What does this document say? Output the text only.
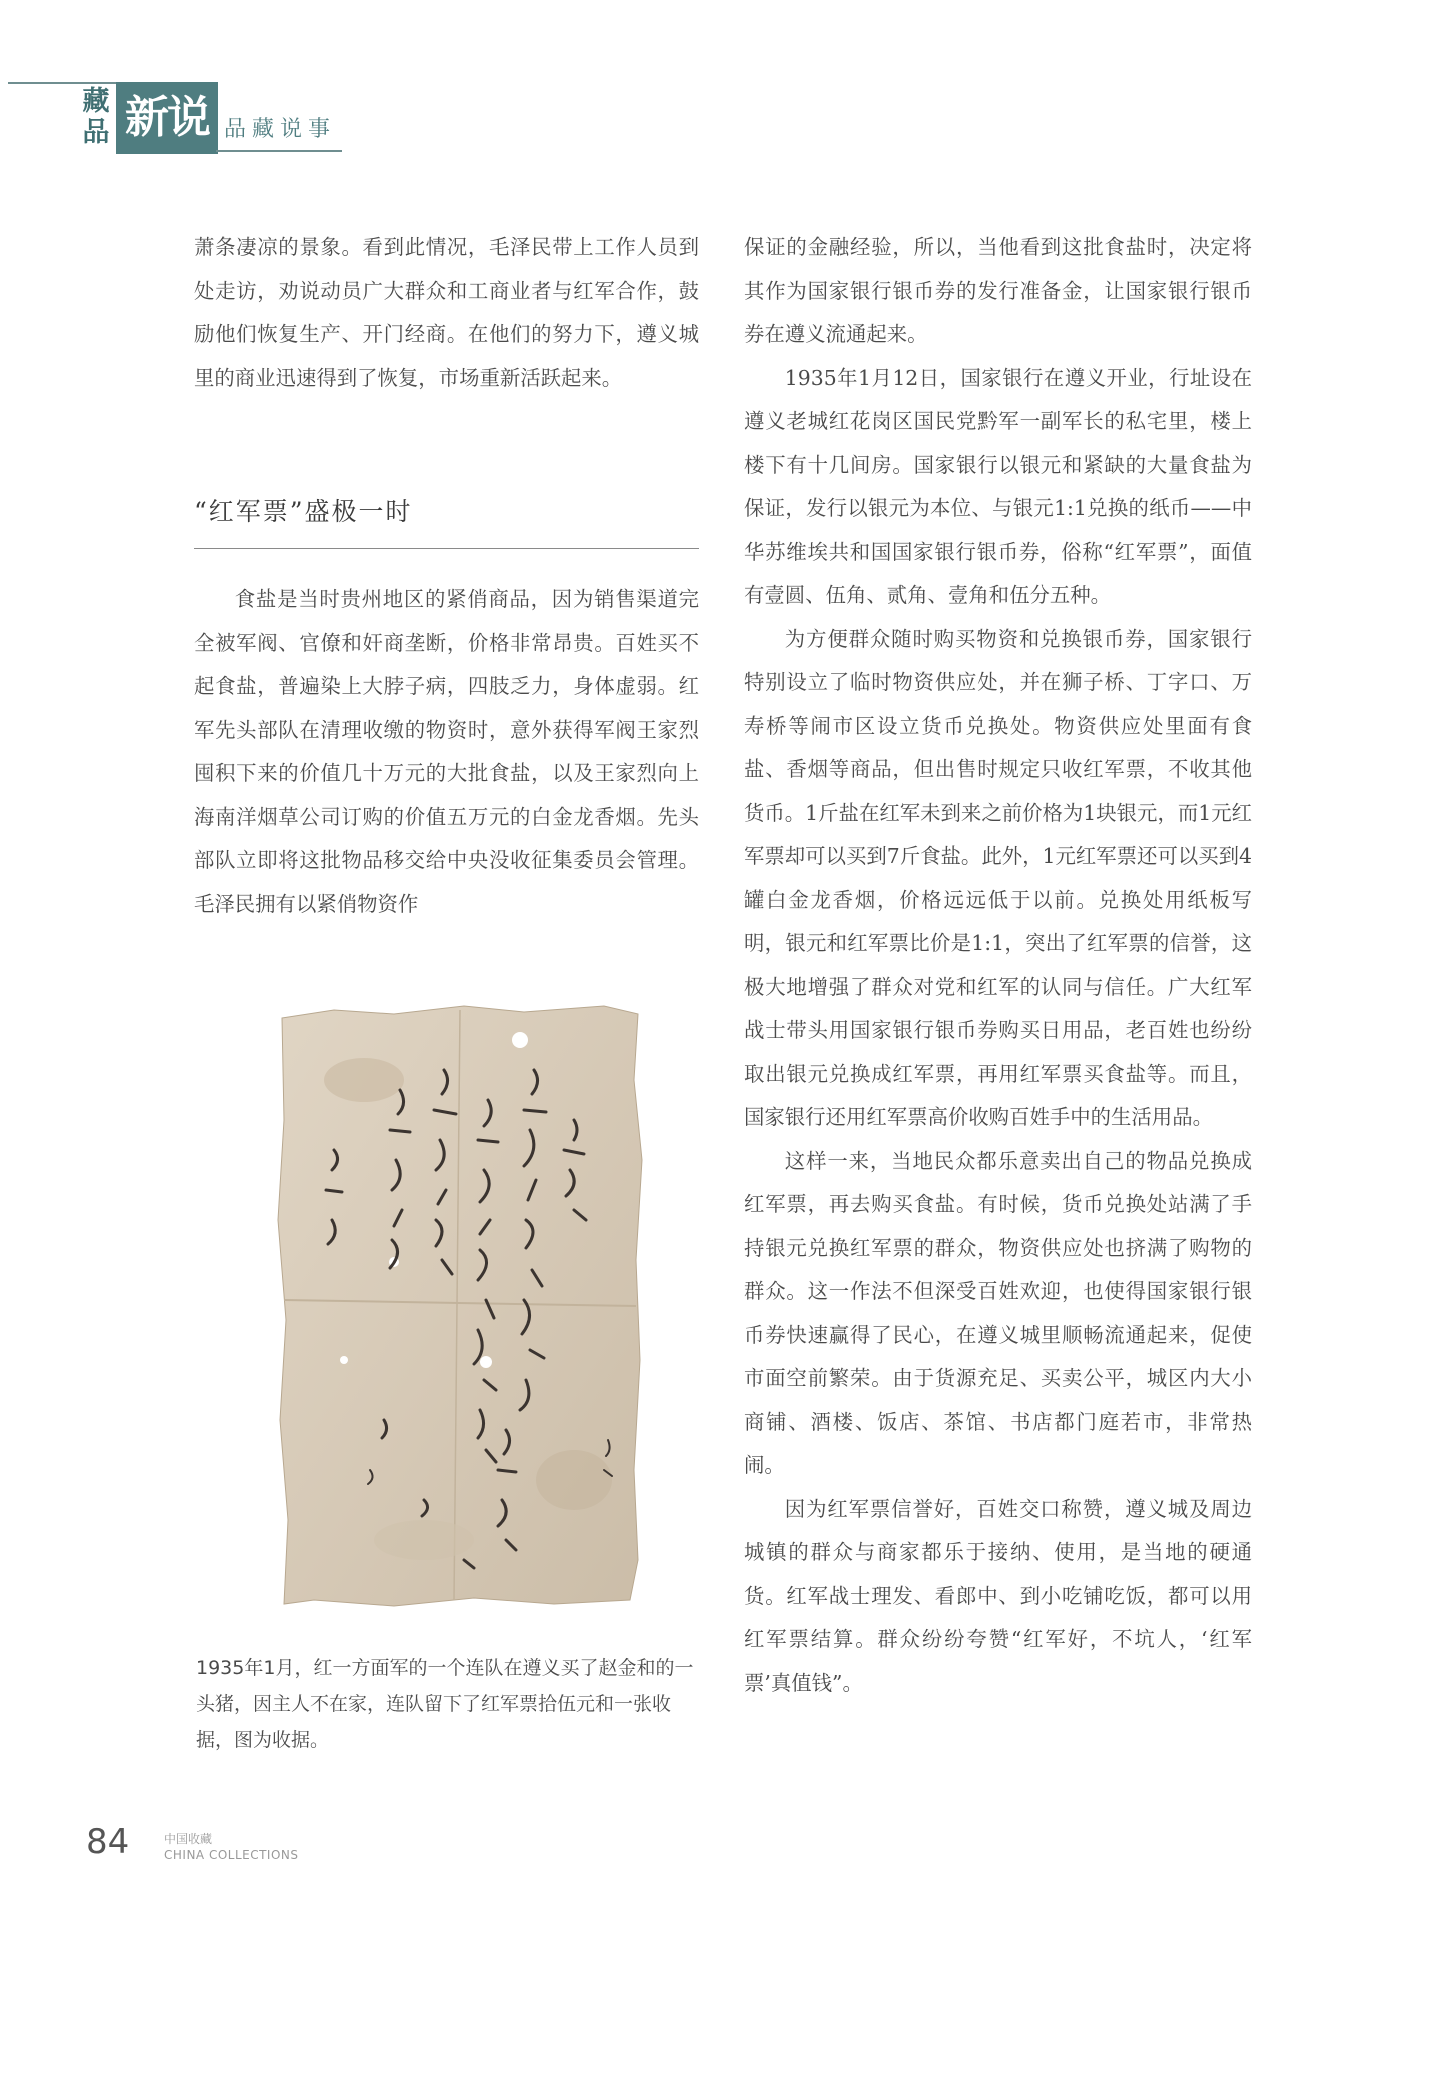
藏品 新说 品藏说事

萧条凄凉的景象。看到此情况，毛泽民带上工作人员到处走访，劝说动员广大群众和工商业者与红军合作，鼓励他们恢复生产、开门经商。在他们的努力下，遵义城里的商业迅速得到了恢复，市场重新活跃起来。

“红军票”盛极一时

食盐是当时贵州地区的紧俏商品，因为销售渠道完全被军阀、官僚和奸商垄断，价格非常昂贵。百姓买不起食盐，普遍染上大脖子病，四肢乏力，身体虚弱。红军先头部队在清理收缴的物资时，意外获得军阀王家烈囤积下来的价值几十万元的大批食盐，以及王家烈向上海南洋烟草公司订购的价值五万元的白金龙香烟。先头部队立即将这批物品移交给中央没收征集委员会管理。毛泽民拥有以紧俏物资作

1935年1月，红一方面军的一个连队在遵义买了赵金和的一头猪，因主人不在家，连队留下了红军票拾伍元和一张收据，图为收据。

保证的金融经验，所以，当他看到这批食盐时，决定将其作为国家银行银币券的发行准备金，让国家银行银币券在遵义流通起来。

1935年1月12日，国家银行在遵义开业，行址设在遵义老城红花岗区国民党黔军一副军长的私宅里，楼上楼下有十几间房。国家银行以银元和紧缺的大量食盐为保证，发行以银元为本位、与银元1:1兑换的纸币——中华苏维埃共和国国家银行银币券，俗称“红军票”，面值有壹圆、伍角、贰角、壹角和伍分五种。

为方便群众随时购买物资和兑换银币券，国家银行特别设立了临时物资供应处，并在狮子桥、丁字口、万寿桥等闹市区设立货币兑换处。物资供应处里面有食盐、香烟等商品，但出售时规定只收红军票，不收其他货币。1斤盐在红军未到来之前价格为1块银元，而1元红军票却可以买到7斤食盐。此外，1元红军票还可以买到4罐白金龙香烟，价格远远低于以前。兑换处用纸板写明，银元和红军票比价是1:1，突出了红军票的信誉，这极大地增强了群众对党和红军的认同与信任。广大红军战士带头用国家银行银币券购买日用品，老百姓也纷纷取出银元兑换成红军票，再用红军票买食盐等。而且，国家银行还用红军票高价收购百姓手中的生活用品。

这样一来，当地民众都乐意卖出自己的物品兑换成红军票，再去购买食盐。有时候，货币兑换处站满了手持银元兑换红军票的群众，物资供应处也挤满了购物的群众。这一作法不但深受百姓欢迎，也使得国家银行银币券快速赢得了民心，在遵义城里顺畅流通起来，促使市面空前繁荣。由于货源充足、买卖公平，城区内大小商铺、酒楼、饭店、茶馆、书店都门庭若市，非常热闹。

因为红军票信誉好，百姓交口称赞，遵义城及周边城镇的群众与商家都乐于接纳、使用，是当地的硬通货。红军战士理发、看郎中、到小吃铺吃饭，都可以用红军票结算。群众纷纷夸赞“红军好，不坑人，‘红军票’真值钱”。

84	中国收藏
CHINA COLLECTIONS
